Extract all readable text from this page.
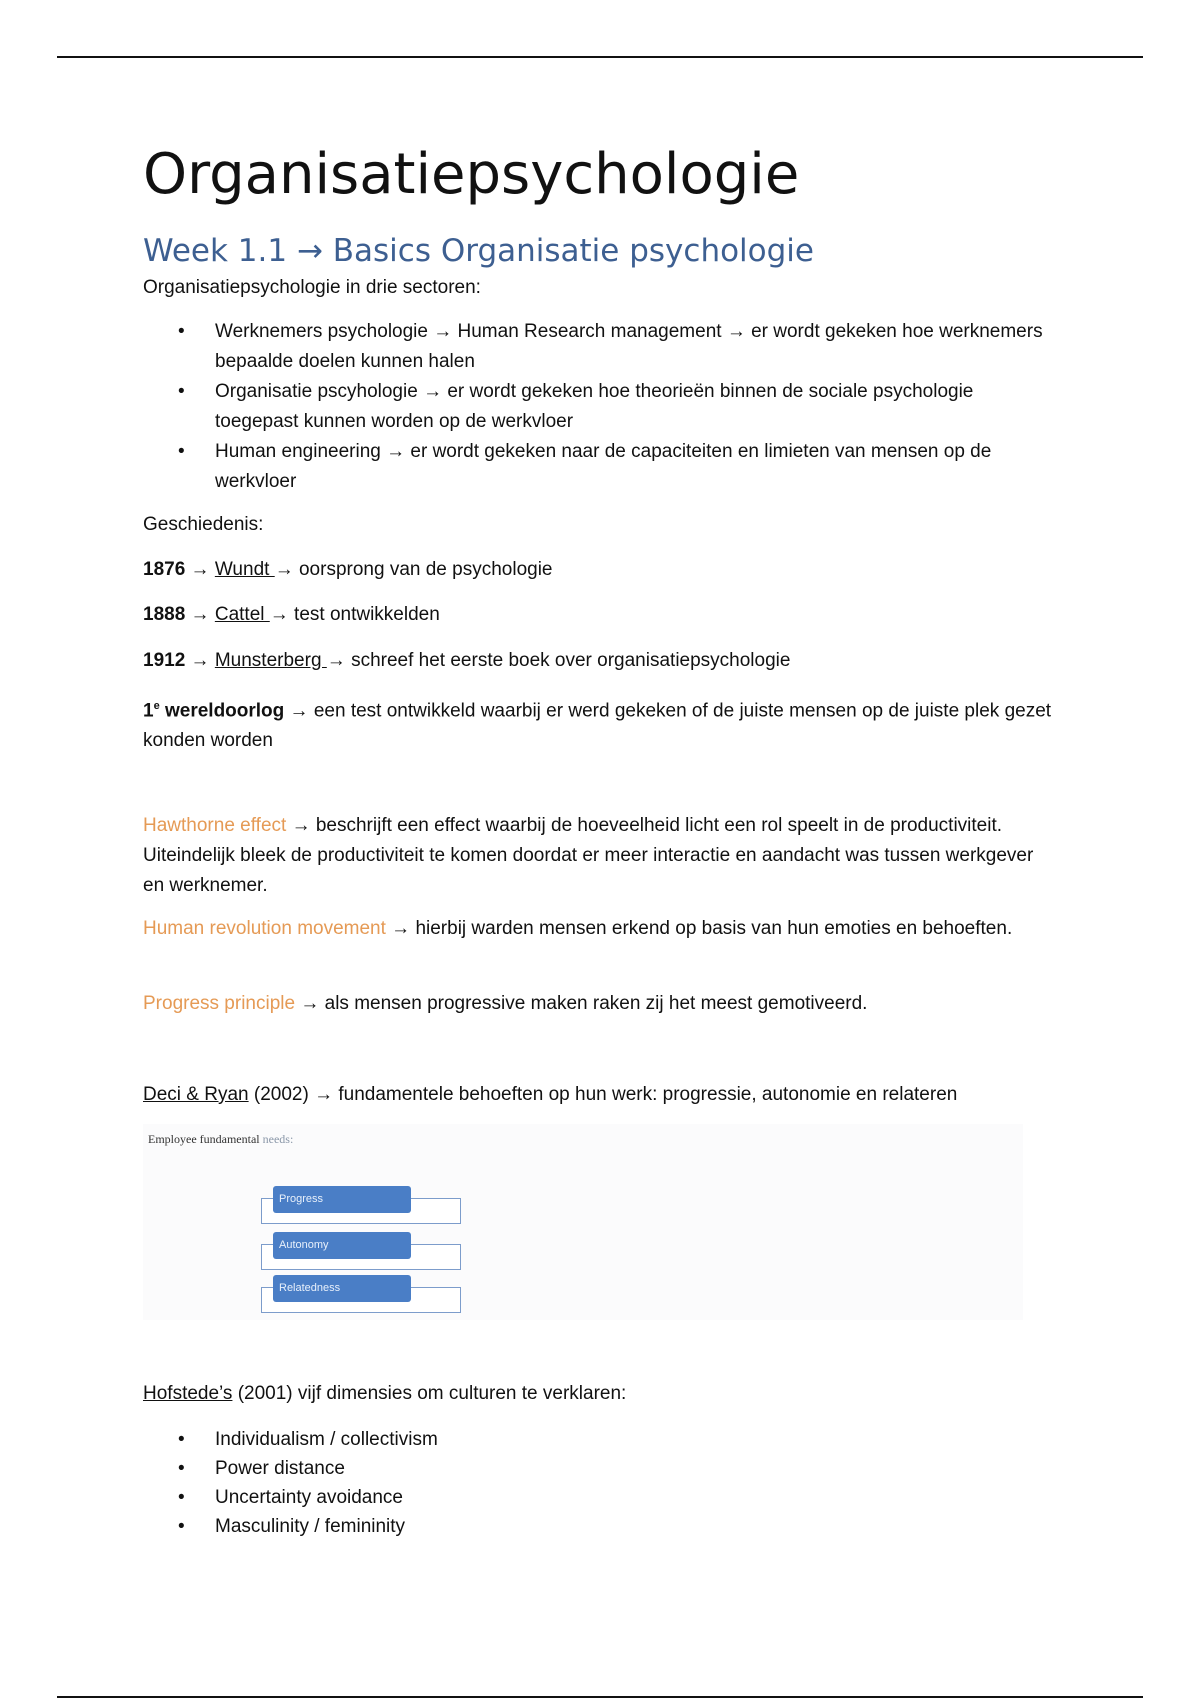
Organisatiepsychologie
Week 1.1 → Basics Organisatie psychologie

Organisatiepsychologie in drie sectoren:

• Werknemers psychologie → Human Research management → er wordt gekeken hoe werknemers bepaalde doelen kunnen halen
• Organisatie pscyhologie → er wordt gekeken hoe theorieën binnen de sociale psychologie toegepast kunnen worden op de werkvloer
• Human engineering → er wordt gekeken naar de capaciteiten en limieten van mensen op de werkvloer

Geschiedenis:

1876 → Wundt → oorsprong van de psychologie

1888 → Cattel → test ontwikkelden

1912 → Munsterberg → schreef het eerste boek over organisatiepsychologie

1e wereldoorlog → een test ontwikkeld waarbij er werd gekeken of de juiste mensen op de juiste plek gezet konden worden

Hawthorne effect → beschrijft een effect waarbij de hoeveelheid licht een rol speelt in de productiviteit. Uiteindelijk bleek de productiviteit te komen doordat er meer interactie en aandacht was tussen werkgever en werknemer.

Human revolution movement → hierbij warden mensen erkend op basis van hun emoties en behoeften.

Progress principle → als mensen progressive maken raken zij het meest gemotiveerd.

Deci & Ryan (2002) → fundamentele behoeften op hun werk: progressie, autonomie en relateren

Employee fundamental needs:
Progress
Autonomy
Relatedness

Hofstede’s (2001) vijf dimensies om culturen te verklaren:

• Individualism / collectivism
• Power distance
• Uncertainty avoidance
• Masculinity / femininity
